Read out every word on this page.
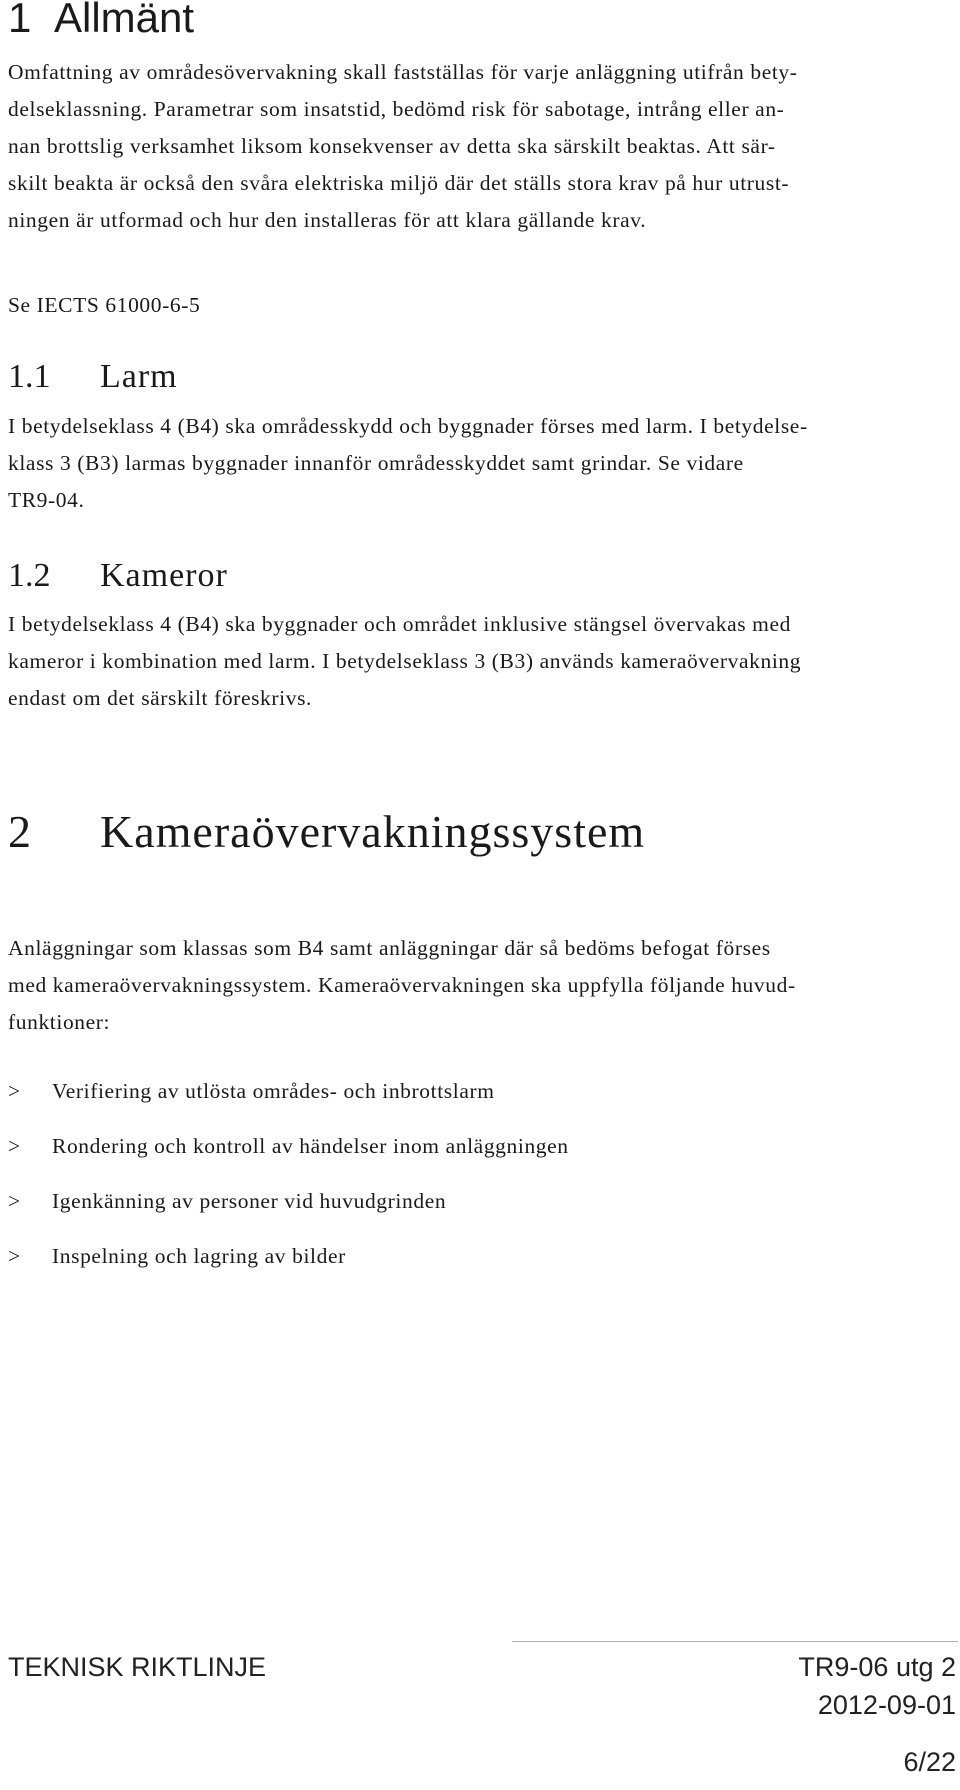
1 Allmänt

Omfattning av områdesövervakning skall fastställas för varje anläggning utifrån bety-
delseklassning. Parametrar som insatstid, bedömd risk för sabotage, intrång eller an-
nan brottslig verksamhet liksom konsekvenser av detta ska särskilt beaktas. Att sär-
skilt beakta är också den svåra elektriska miljö där det ställs stora krav på hur utrust-
ningen är utformad och hur den installeras för att klara gällande krav.

Se IECTS 61000-6-5

1.1 Larm

I betydelseklass 4 (B4) ska områdesskydd och byggnader förses med larm. I betydelse-
klass 3 (B3) larmas byggnader innanför områdesskyddet samt grindar. Se vidare
TR9-04.

1.2 Kameror

I betydelseklass 4 (B4) ska byggnader och området inklusive stängsel övervakas med
kameror i kombination med larm. I betydelseklass 3 (B3) används kameraövervakning
endast om det särskilt föreskrivs.

2 Kameraövervakningssystem

Anläggningar som klassas som B4 samt anläggningar där så bedöms befogat förses
med kameraövervakningssystem. Kameraövervakningen ska uppfylla följande huvud-
funktioner:

> Verifiering av utlösta områdes- och inbrottslarm
> Rondering och kontroll av händelser inom anläggningen
> Igenkänning av personer vid huvudgrinden
> Inspelning och lagring av bilder

TEKNISK RIKTLINJE	TR9-06 utg 2

2012-09-01

6/22
